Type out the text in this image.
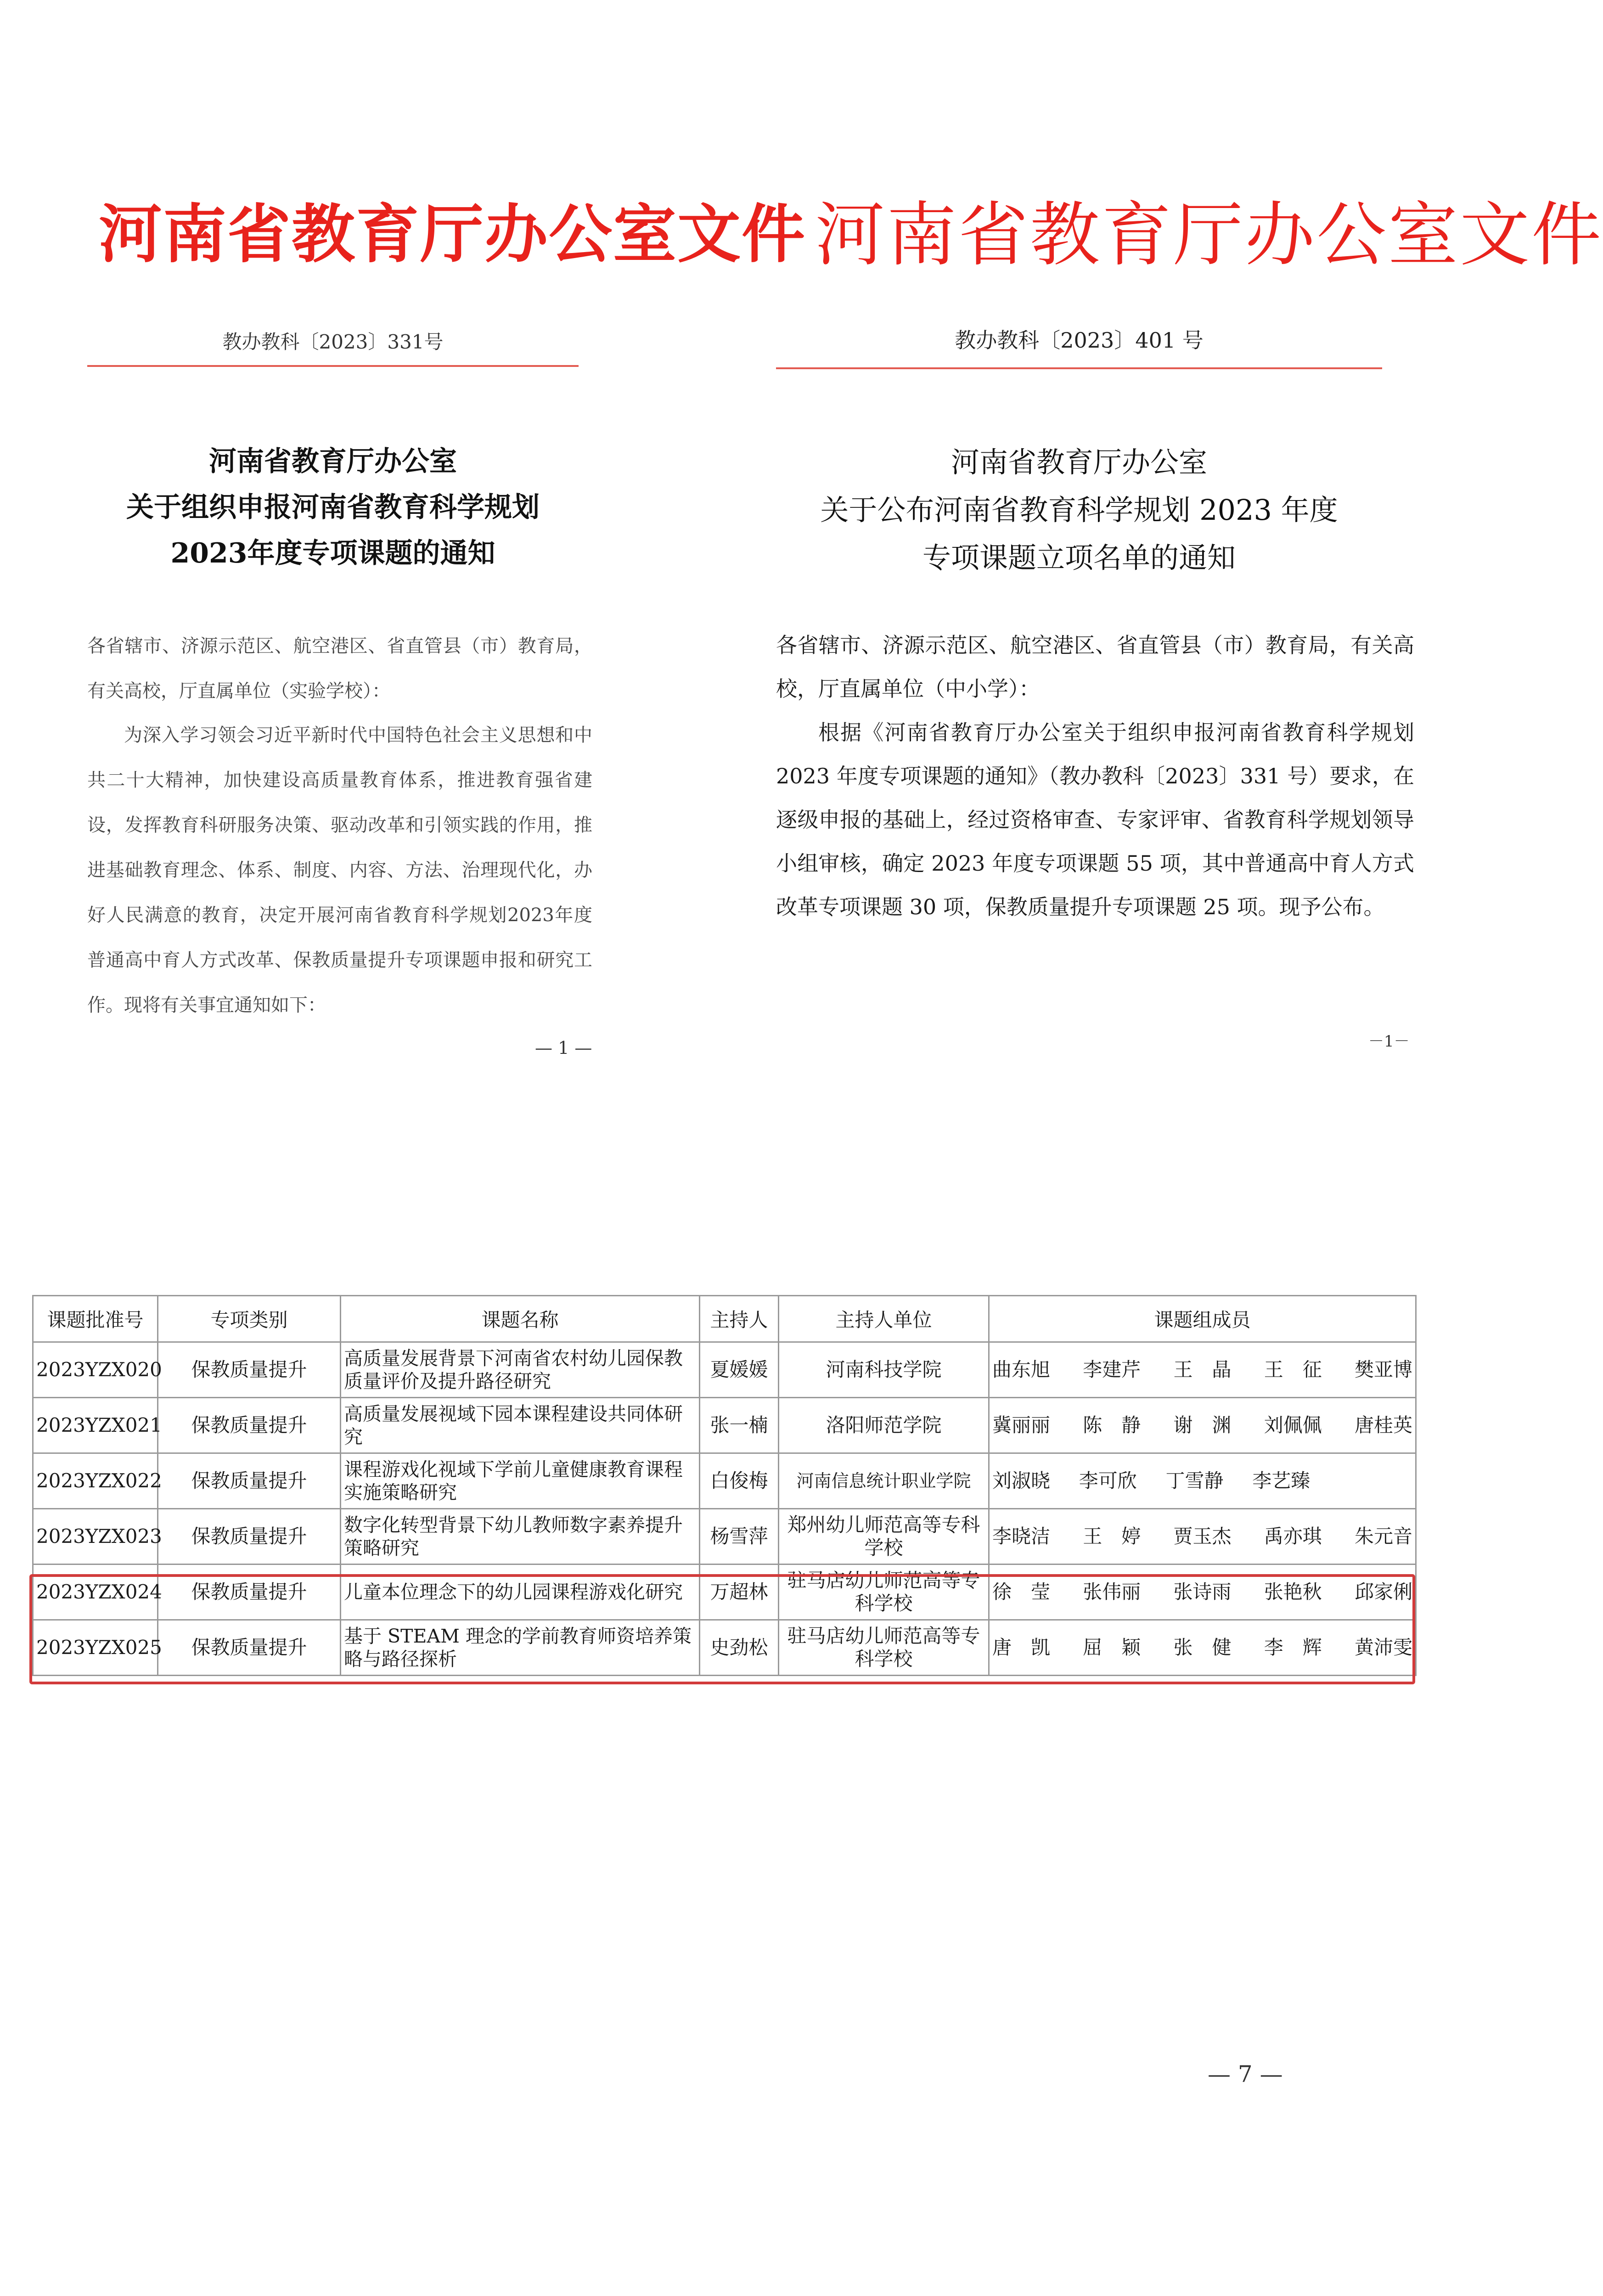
河南省教育厅办公室文件
教办教科〔2023〕331号
河南省教育厅办公室
关于组织申报河南省教育科学规划
2023年度专项课题的通知
各省辖市、济源示范区、航空港区、省直管县（市）教育局，有关高校，厅直属单位（实验学校）：
为深入学习领会习近平新时代中国特色社会主义思想和中共二十大精神，加快建设高质量教育体系，推进教育强省建设，发挥教育科研服务决策、驱动改革和引领实践的作用，推进基础教育理念、体系、制度、内容、方法、治理现代化，办好人民满意的教育，决定开展河南省教育科学规划2023年度普通高中育人方式改革、保教质量提升专项课题申报和研究工作。现将有关事宜通知如下：
— 1 —
河南省教育厅办公室文件
教办教科〔2023〕401 号
河南省教育厅办公室
关于公布河南省教育科学规划 2023 年度
专项课题立项名单的通知
各省辖市、济源示范区、航空港区、省直管县（市）教育局，有关高校，厅直属单位（中小学）：
根据《河南省教育厅办公室关于组织申报河南省教育科学规划 2023 年度专项课题的通知》（教办教科〔2023〕331 号）要求，在逐级申报的基础上，经过资格审查、专家评审、省教育科学规划领导小组审核，确定 2023 年度专项课题 55 项，其中普通高中育人方式改革专项课题 30 项，保教质量提升专项课题 25 项。现予公布。
－1－
课题批准号	专项类别	课题名称	主持人	主持人单位	课题组成员
2023YZX020	保教质量提升	高质量发展背景下河南省农村幼儿园保教质量评价及提升路径研究	夏媛媛	河南科技学院	曲东旭 李建芹 王　晶 王　征 樊亚博

2023YZX021	保教质量提升	高质量发展视域下园本课程建设共同体研究	张一楠	洛阳师范学院	冀丽丽 陈　静 谢　渊 刘佩佩 唐桂英

2023YZX022	保教质量提升	课程游戏化视域下学前儿童健康教育课程实施策略研究	白俊梅	河南信息统计职业学院	刘淑晓 李可欣 丁雪静 李艺臻

2023YZX023	保教质量提升	数字化转型背景下幼儿教师数字素养提升策略研究	杨雪萍	郑州幼儿师范高等专科学校	李晓洁 王　婷 贾玉杰 禹亦琪 朱元音

2023YZX024	保教质量提升	儿童本位理念下的幼儿园课程游戏化研究	万超林	驻马店幼儿师范高等专科学校	徐　莹 张伟丽 张诗雨 张艳秋 邱家俐

2023YZX025	保教质量提升	基于 STEAM 理念的学前教育师资培养策略与路径探析	史劲松	驻马店幼儿师范高等专科学校	唐　凯 屈　颖 张　健 李　辉 黄沛雯
— 7 —
